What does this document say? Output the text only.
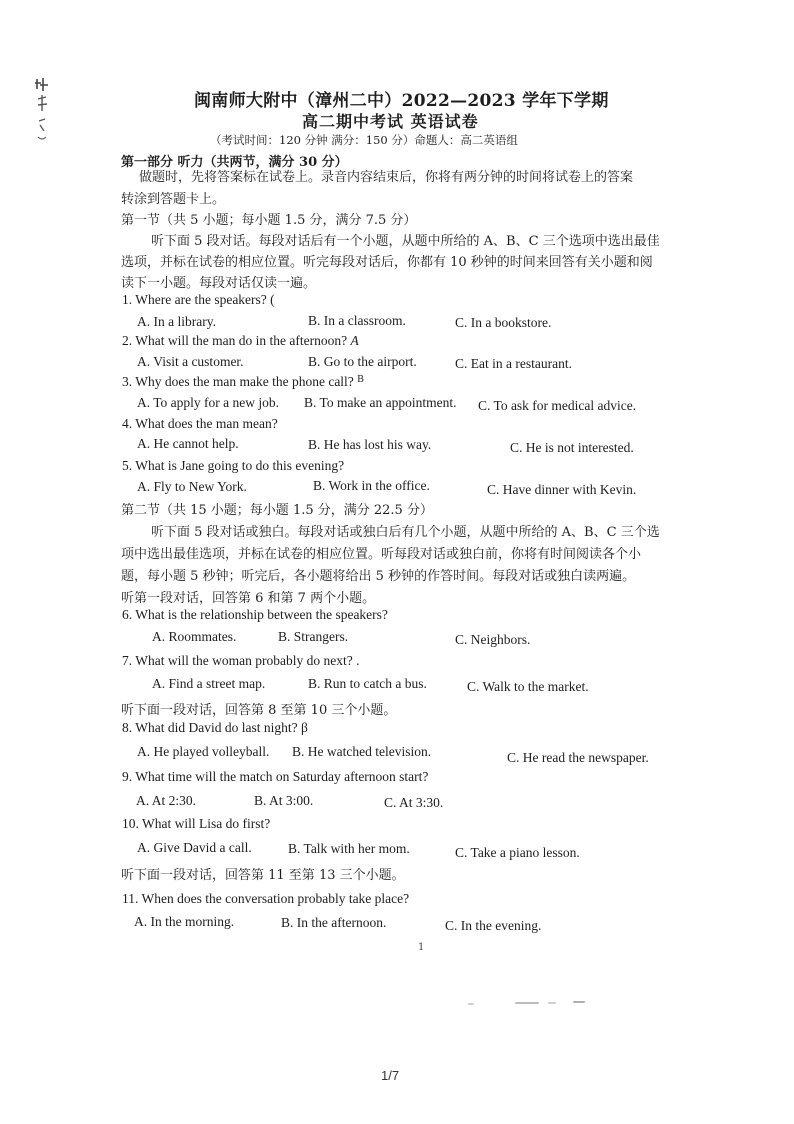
闽南师大附中（漳州二中）2022—2023 学年下学期
高二期中考试 英语试卷
（考试时间：120 分钟 满分：150 分）命题人：高二英语组
第一部分 听力（共两节，满分 30 分）
做题时，先将答案标在试卷上。录音内容结束后，你将有两分钟的时间将试卷上的答案
转涂到答题卡上。
第一节（共 5 小题；每小题 1.5 分，满分 7.5 分）
听下面 5 段对话。每段对话后有一个小题，从题中所给的 A、B、C 三个选项中选出最佳
选项，并标在试卷的相应位置。听完每段对话后，你都有 10 秒钟的时间来回答有关小题和阅
读下一小题。每段对话仅读一遍。
1. Where are the speakers? (
A. In a library.	B. In a classroom.	C. In a bookstore.
2. What will the man do in the afternoon? A
A. Visit a customer.	B. Go to the airport.	C. Eat in a restaurant.
3. Why does the man make the phone call? $^B$
A. To apply for a new job. B. To make an appointment. C. To ask for medical advice.
4. What does the man mean?
A. He cannot help.	B. He has lost his way.	C. He is not interested.
5. What is Jane going to do this evening?
A. Fly to New York.	B. Work in the office.	C. Have dinner with Kevin.
第二节（共 15 小题；每小题 1.5 分，满分 22.5 分）
听下面 5 段对话或独白。每段对话或独白后有几个小题，从题中所给的 A、B、C 三个选
项中选出最佳选项，并标在试卷的相应位置。听每段对话或独白前，你将有时间阅读各个小
题，每小题 5 秒钟；听完后，各小题将给出 5 秒钟的作答时间。每段对话或独白读两遍。
听第一段对话，回答第 6 和第 7 两个小题。
6. What is the relationship between the speakers?
A. Roommates.	B. Strangers.	C. Neighbors.
7. What will the woman probably do next? .
A. Find a street map.	B. Run to catch a bus.	C. Walk to the market.
听下面一段对话，回答第 8 至第 10 三个小题。
8. What did David do last night? β
A. He played volleyball. B. He watched television.	C. He read the newspaper.
9. What time will the match on Saturday afternoon start?
A. At 2:30.	B. At 3:00.	C. At 3:30.
10. What will Lisa do first?
A. Give David a call.	B. Talk with her mom.	C. Take a piano lesson.
听下面一段对话，回答第 11 至第 13 三个小题。
11. When does the conversation probably take place?
A. In the morning.	B. In the afternoon.	C. In the evening.
1
1/7
